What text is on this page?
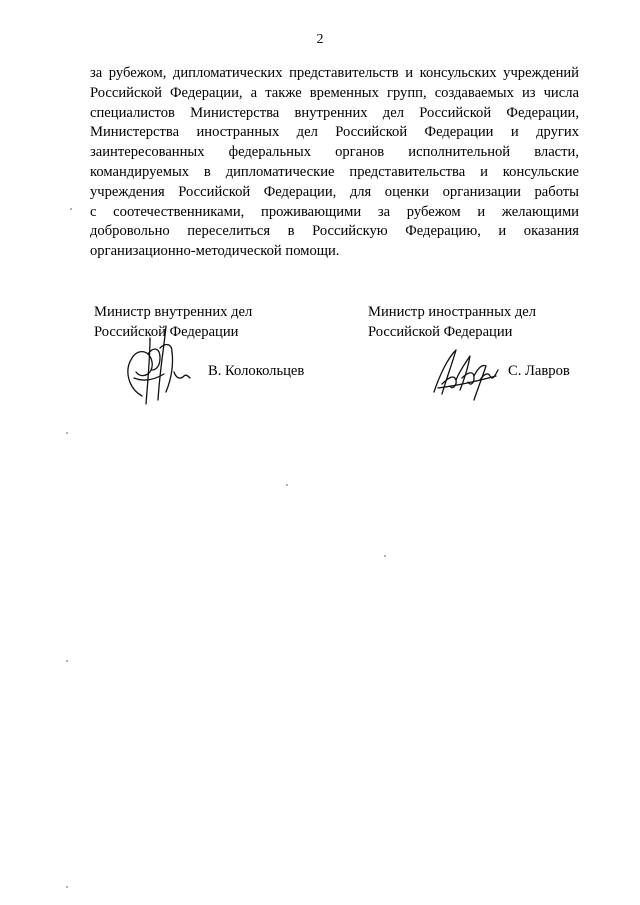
2
за рубежом, дипломатических представительств и консульских учреждений
Российской Федерации, а также временных групп, создаваемых из числа
специалистов Министерства внутренних дел Российской Федерации,
Министерства иностранных дел Российской Федерации и других
заинтересованных федеральных органов исполнительной власти,
командируемых в дипломатические представительства и консульские
учреждения Российской Федерации, для оценки организации работы
с соотечественниками, проживающими за рубежом и желающими
добровольно переселиться в Российскую Федерацию, и оказания
организационно-методической помощи.
Министр внутренних дел
Российской Федерации
В. Колокольцев
Министр иностранных дел
Российской Федерации
С. Лавров
